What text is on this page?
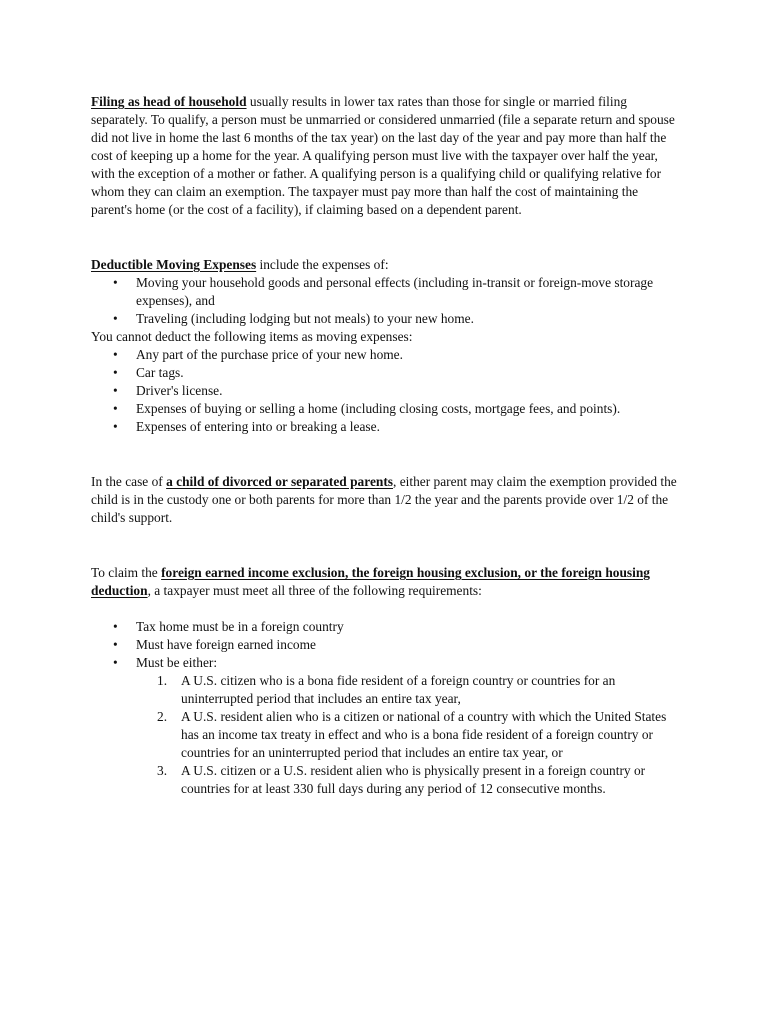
Filing as head of household usually results in lower tax rates than those for single or married filing separately. To qualify, a person must be unmarried or considered unmarried (file a separate return and spouse did not live in home the last 6 months of the tax year) on the last day of the year and pay more than half the cost of keeping up a home for the year. A qualifying person must live with the taxpayer over half the year, with the exception of a mother or father. A qualifying person is a qualifying child or qualifying relative for whom they can claim an exemption. The taxpayer must pay more than half the cost of maintaining the parent's home (or the cost of a facility), if claiming based on a dependent parent.

Deductible Moving Expenses include the expenses of:

• Moving your household goods and personal effects (including in-transit or foreign-move storage expenses), and
• Traveling (including lodging but not meals) to your new home.

You cannot deduct the following items as moving expenses:

• Any part of the purchase price of your new home.
• Car tags.
• Driver's license.
• Expenses of buying or selling a home (including closing costs, mortgage fees, and points).
• Expenses of entering into or breaking a lease.

In the case of a child of divorced or separated parents, either parent may claim the exemption provided the child is in the custody one or both parents for more than 1/2 the year and the parents provide over 1/2 of the child's support.

To claim the foreign earned income exclusion, the foreign housing exclusion, or the foreign housing deduction, a taxpayer must meet all three of the following requirements:

• Tax home must be in a foreign country
• Must have foreign earned income
• Must be either:
1. A U.S. citizen who is a bona fide resident of a foreign country or countries for an uninterrupted period that includes an entire tax year,
2. A U.S. resident alien who is a citizen or national of a country with which the United States has an income tax treaty in effect and who is a bona fide resident of a foreign country or countries for an uninterrupted period that includes an entire tax year, or
3. A U.S. citizen or a U.S. resident alien who is physically present in a foreign country or countries for at least 330 full days during any period of 12 consecutive months.
